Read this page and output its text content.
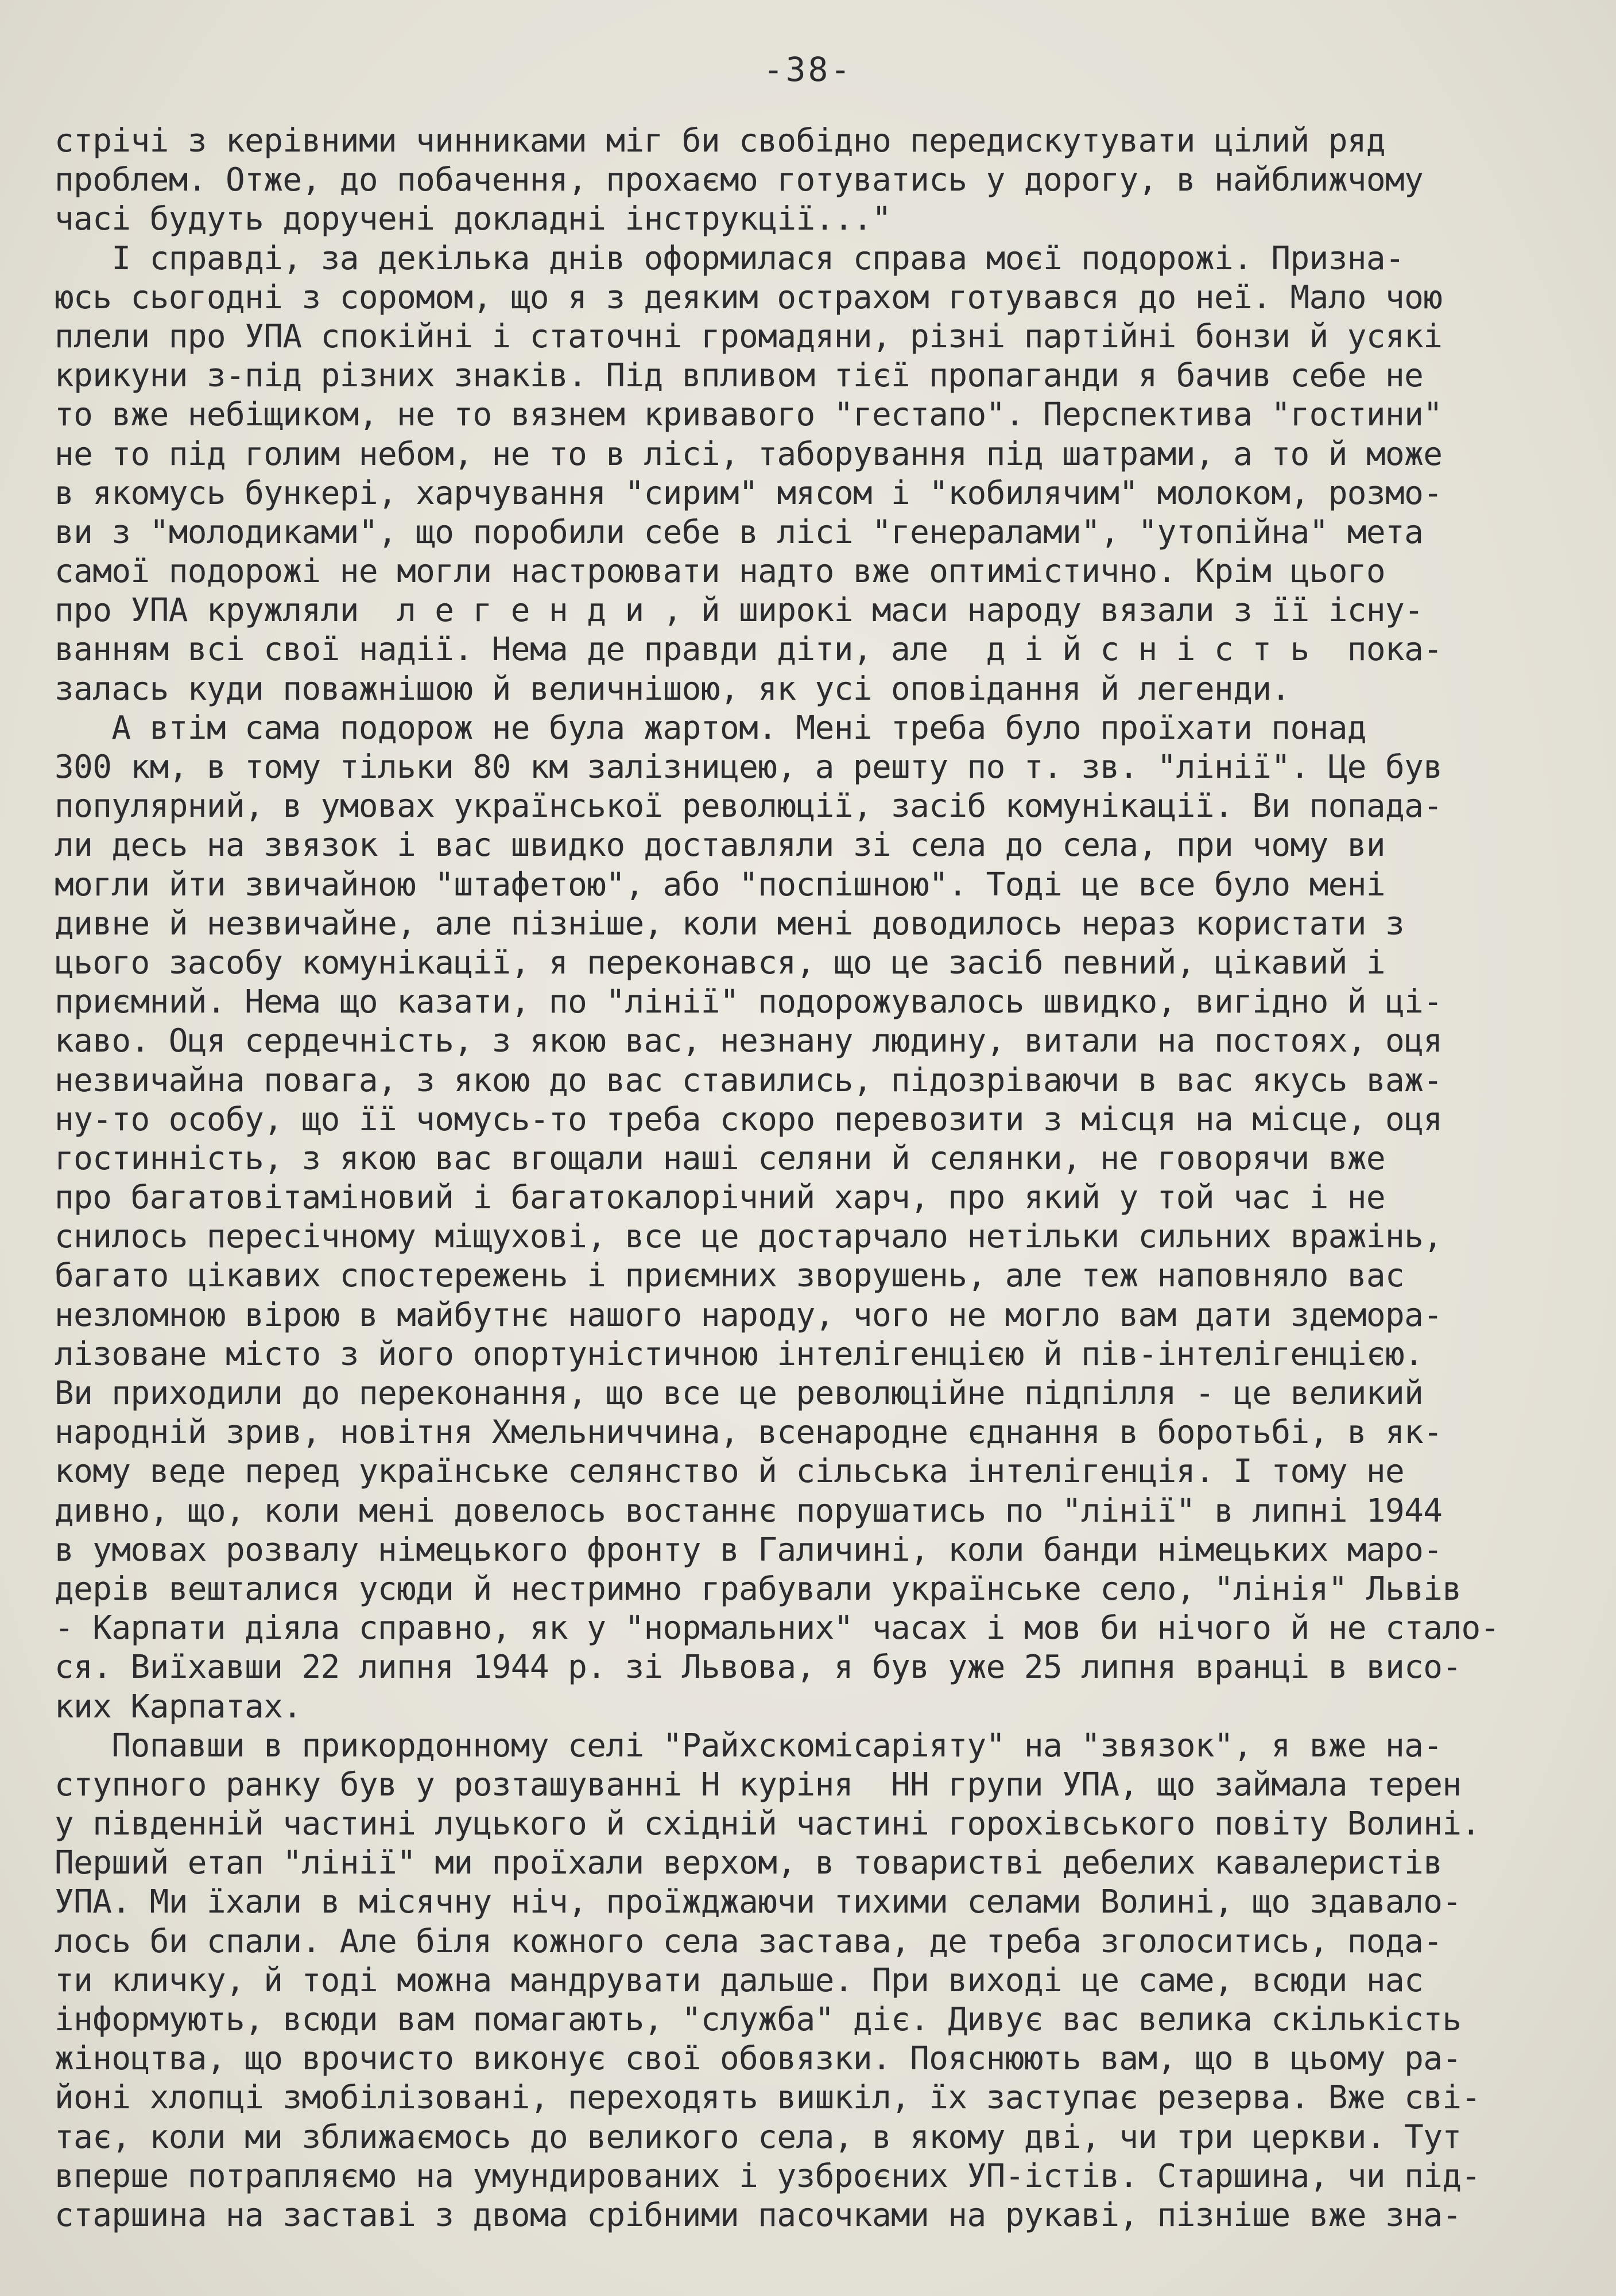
-38-
стрічі з керівними чинниками міг би свобідно передискутувати цілий ряд
проблем. Отже, до побачення, прохаємо готуватись у дорогу, в найближчому
часі будуть доручені докладні інструкції..."
І справді, за декілька днів оформилася справа моєї подорожі. Призна-
юсь сьогодні з соромом, що я з деяким острахом готувався до неї. Мало чою
плели про УПА спокійні і статочні громадяни, різні партійні бонзи й усякі
крикуни з-під різних знаків. Під впливом тієї пропаганди я бачив себе не
то вже небіщиком, не то вязнем кривавого "гестапо". Перспектива "гостини"
не то під голим небом, не то в лісі, таборування під шатрами, а то й може
в якомусь бункері, харчування "сирим" мясом і "кобилячим" молоком, розмо-
ви з "молодиками", що поробили себе в лісі "генералами", "утопійна" мета
самої подорожі не могли настроювати надто вже оптимістично. Крім цього
про УПА кружляли  л е г е н д и , й широкі маси народу вязали з її існу-
ванням всі свої надії. Нема де правди діти, але  д і й с н і с т ь  пока-
залась куди поважнішою й величнішою, як усі оповідання й легенди.
А втім сама подорож не була жартом. Мені треба було проїхати понад
300 км, в тому тільки 80 км залізницею, а решту по т. зв. "лінії". Це був
популярний, в умовах української революції, засіб комунікації. Ви попада-
ли десь на звязок і вас швидко доставляли зі села до села, при чому ви
могли йти звичайною "штафетою", або "поспішною". Тоді це все було мені
дивне й незвичайне, але пізніше, коли мені доводилось нераз користати з
цього засобу комунікації, я переконався, що це засіб певний, цікавий і
приємний. Нема що казати, по "лінії" подорожувалось швидко, вигідно й ці-
каво. Оця сердечність, з якою вас, незнану людину, витали на постоях, оця
незвичайна повага, з якою до вас ставились, підозріваючи в вас якусь важ-
ну-то особу, що її чомусь-то треба скоро перевозити з місця на місце, оця
гостинність, з якою вас вгощали наші селяни й селянки, не говорячи вже
про багатовітаміновий і багатокалорічний харч, про який у той час і не
снилось пересічному міщухові, все це достарчало нетільки сильних вражінь,
багато цікавих спостережень і приємних зворушень, але теж наповняло вас
незломною вірою в майбутнє нашого народу, чого не могло вам дати здемора-
лізоване місто з його опортуністичною інтелігенцією й пів-інтелігенцією.
Ви приходили до переконання, що все це революційне підпілля - це великий
народній зрив, новітня Хмельниччина, всенародне єднання в боротьбі, в як-
кому веде перед українське селянство й сільська інтелігенція. І тому не
дивно, що, коли мені довелось востаннє порушатись по "лінії" в липні 1944
в умовах розвалу німецького фронту в Галичині, коли банди німецьких маро-
дерів вешталися усюди й нестримно грабували українське село, "лінія" Львів
- Карпати діяла справно, як у "нормальних" часах і мов би нічого й не стало-
ся. Виїхавши 22 липня 1944 р. зі Львова, я був уже 25 липня вранці в висо-
ких Карпатах.
Попавши в прикордонному селі "Райхскомісаріяту" на "звязок", я вже на-
ступного ранку був у розташуванні Н куріня  НН групи УПА, що займала терен
у південній частині луцького й східній частині горохівського повіту Волині.
Перший етап "лінії" ми проїхали верхом, в товаристві дебелих кавалеристів
УПА. Ми їхали в місячну ніч, проїжджаючи тихими селами Волині, що здавало-
лось би спали. Але біля кожного села застава, де треба зголоситись, пода-
ти кличку, й тоді можна мандрувати дальше. При виході це саме, всюди нас
інформують, всюди вам помагають, "служба" діє. Дивує вас велика скількість
жіноцтва, що врочисто виконує свої обовязки. Пояснюють вам, що в цьому ра-
йоні хлопці змобілізовані, переходять вишкіл, їх заступає резерва. Вже сві-
тає, коли ми зближаємось до великого села, в якому дві, чи три церкви. Тут
вперше потрапляємо на умундированих і узброєних УП-істів. Старшина, чи під-
старшина на заставі з двома срібними пасочками на рукаві, пізніше вже зна-
